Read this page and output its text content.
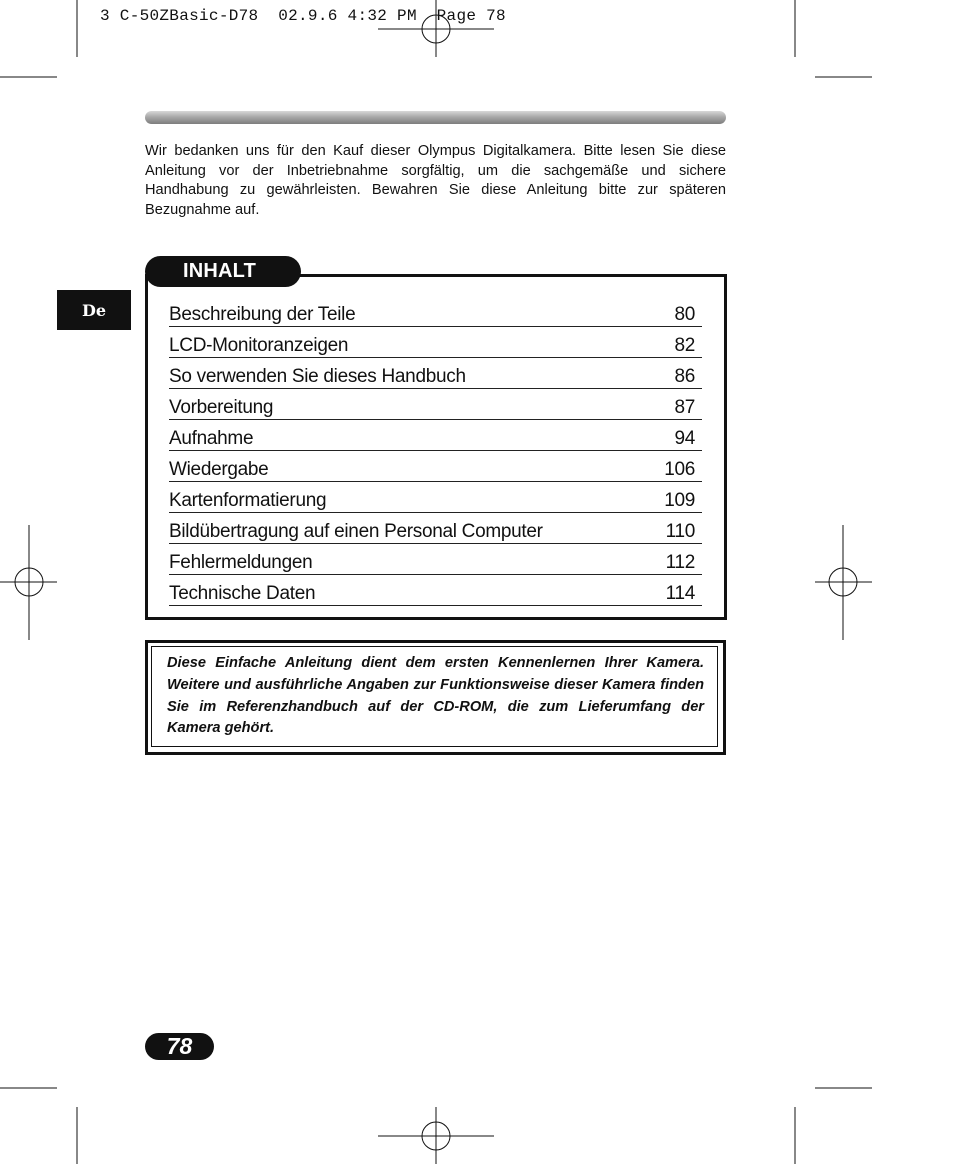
3 C-50ZBasic-D78  02.9.6 4:32 PM  Page 78

Wir bedanken uns für den Kauf dieser Olympus Digitalkamera. Bitte lesen Sie diese Anleitung vor der Inbetriebnahme sorgfältig, um die sachgemäße und sichere Handhabung zu gewährleisten. Bewahren Sie diese Anleitung bitte zur späteren Bezugnahme auf.

De
INHALT
Beschreibung der Teile	80
LCD-Monitoranzeigen	82
So verwenden Sie dieses Handbuch	86
Vorbereitung	87
Aufnahme	94
Wiedergabe	106
Kartenformatierung	109
Bildübertragung auf einen Personal Computer	110
Fehlermeldungen	112
Technische Daten	114

Diese Einfache Anleitung dient dem ersten Kennenlernen Ihrer Kamera. Weitere und ausführliche Angaben zur Funktionsweise dieser Kamera finden Sie im Referenzhandbuch auf der CD-ROM, die zum Lieferumfang der Kamera gehört.

78
